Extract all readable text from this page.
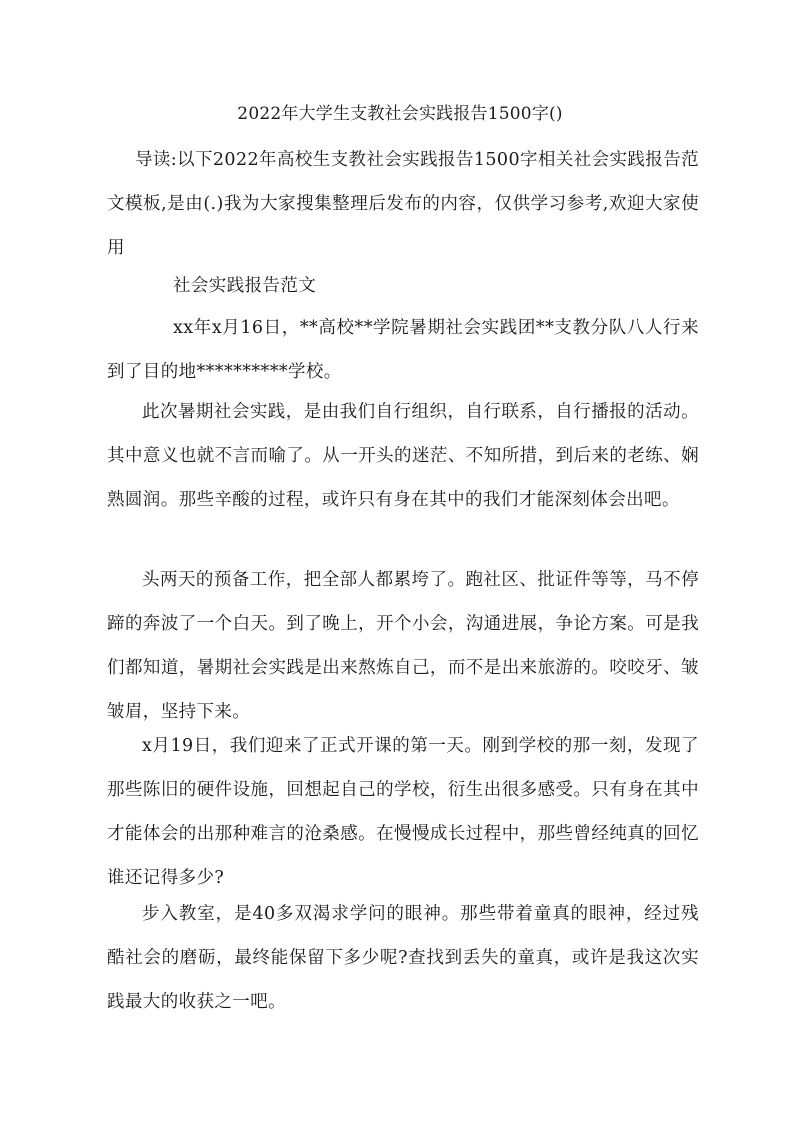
2022年大学生支教社会实践报告1500字()

导读:以下2022年高校生支教社会实践报告1500字相关社会实践报告范文模板,是由(.)我为大家搜集整理后发布的内容，仅供学习参考,欢迎大家使用

社会实践报告范文

xx年x月16日，**高校**学院暑期社会实践团**支教分队八人行来到了目的地**********学校。

此次暑期社会实践，是由我们自行组织，自行联系，自行播报的活动。其中意义也就不言而喻了。从一开头的迷茫、不知所措，到后来的老练、娴熟圆润。那些辛酸的过程，或许只有身在其中的我们才能深刻体会出吧。

头两天的预备工作，把全部人都累垮了。跑社区、批证件等等，马不停蹄的奔波了一个白天。到了晚上，开个小会，沟通进展，争论方案。可是我们都知道，暑期社会实践是出来熬炼自己，而不是出来旅游的。咬咬牙、皱皱眉，坚持下来。

x月19日，我们迎来了正式开课的第一天。刚到学校的那一刻，发现了那些陈旧的硬件设施，回想起自己的学校，衍生出很多感受。只有身在其中才能体会的出那种难言的沧桑感。在慢慢成长过程中，那些曾经纯真的回忆谁还记得多少?

步入教室，是40多双渴求学问的眼神。那些带着童真的眼神，经过残酷社会的磨砺，最终能保留下多少呢?查找到丢失的童真，或许是我这次实践最大的收获之一吧。
